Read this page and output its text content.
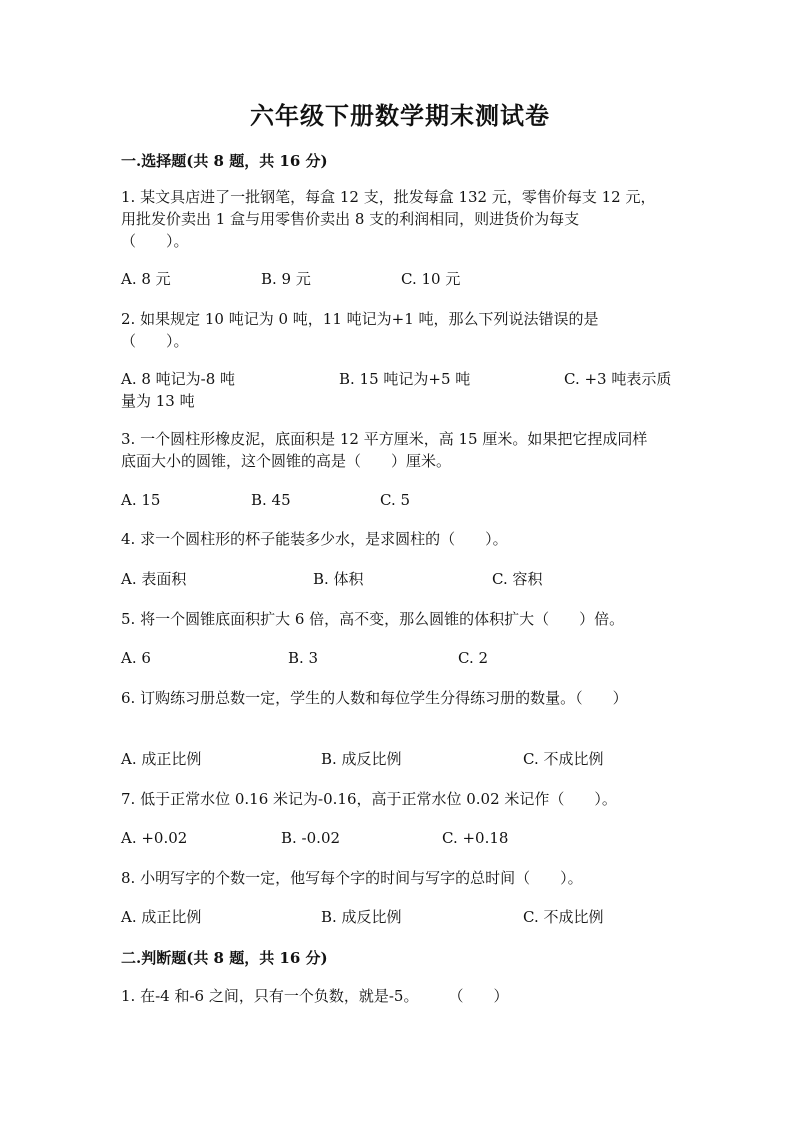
六年级下册数学期末测试卷
一.选择题(共 8 题，共 16 分)
1. 某文具店进了一批钢笔，每盒 12 支，批发每盒 132 元，零售价每支 12 元，
用批发价卖出 1 盒与用零售价卖出 8 支的利润相同，则进货价为每支
（　　）。
A. 8 元	B. 9 元	C. 10 元
2. 如果规定 10 吨记为 0 吨，11 吨记为+1 吨，那么下列说法错误的是
（　　）。
A. 8 吨记为-8 吨	B. 15 吨记为+5 吨	C. +3 吨表示质
量为 13 吨
3. 一个圆柱形橡皮泥，底面积是 12 平方厘米，高 15 厘米。如果把它捏成同样
底面大小的圆锥，这个圆锥的高是（　　）厘米。
A. 15	B. 45	C. 5
4. 求一个圆柱形的杯子能装多少水，是求圆柱的（　　）。
A. 表面积	B. 体积	C. 容积
5. 将一个圆锥底面积扩大 6 倍，高不变，那么圆锥的体积扩大（　　）倍。
A. 6	B. 3	C. 2
6. 订购练习册总数一定，学生的人数和每位学生分得练习册的数量。（　　）
A. 成正比例	B. 成反比例	C. 不成比例
7. 低于正常水位 0.16 米记为-0.16，高于正常水位 0.02 米记作（　　）。
A. +0.02	B. -0.02	C. +0.18
8. 小明写字的个数一定，他写每个字的时间与写字的总时间（　　）。
A. 成正比例	B. 成反比例	C. 不成比例
二.判断题(共 8 题，共 16 分)
1. 在-4 和-6 之间，只有一个负数，就是-5。　　　（　　）
